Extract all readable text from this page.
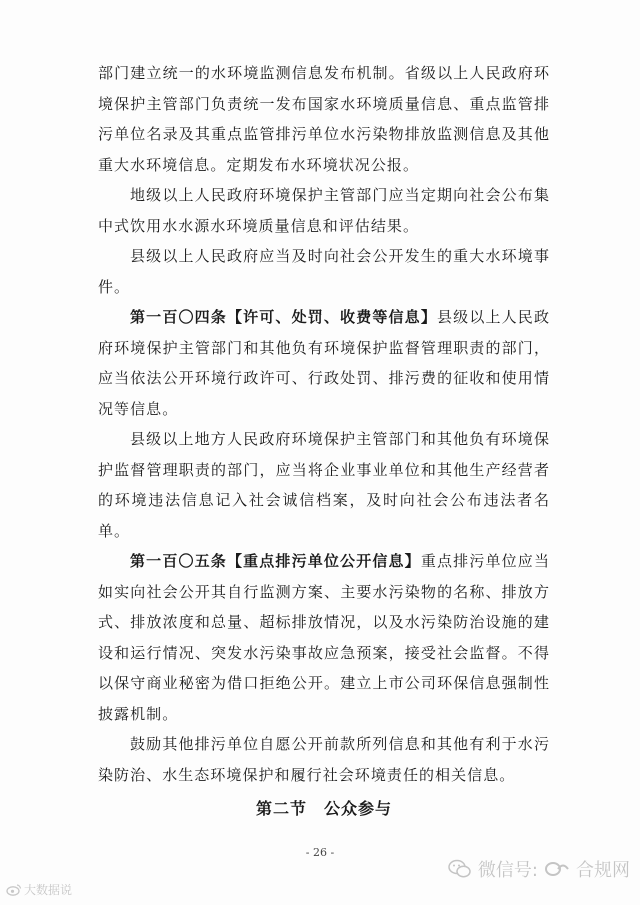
部门建立统一的水环境监测信息发布机制。省级以上人民政府环境保护主管部门负责统一发布国家水环境质量信息、重点监管排污单位名录及其重点监管排污单位水污染物排放监测信息及其他重大水环境信息。定期发布水环境状况公报。

地级以上人民政府环境保护主管部门应当定期向社会公布集中式饮用水水源水环境质量信息和评估结果。

县级以上人民政府应当及时向社会公开发生的重大水环境事件。

第一百〇四条【许可、处罚、收费等信息】县级以上人民政府环境保护主管部门和其他负有环境保护监督管理职责的部门，应当依法公开环境行政许可、行政处罚、排污费的征收和使用情况等信息。

县级以上地方人民政府环境保护主管部门和其他负有环境保护监督管理职责的部门，应当将企业事业单位和其他生产经营者的环境违法信息记入社会诚信档案，及时向社会公布违法者名单。

第一百〇五条【重点排污单位公开信息】重点排污单位应当如实向社会公开其自行监测方案、主要水污染物的名称、排放方式、排放浓度和总量、超标排放情况，以及水污染防治设施的建设和运行情况、突发水污染事故应急预案，接受社会监督。不得以保守商业秘密为借口拒绝公开。建立上市公司环保信息强制性披露机制。

鼓励其他排污单位自愿公开前款所列信息和其他有利于水污染防治、水生态环境保护和履行社会环境责任的相关信息。

第二节　公众参与
- 26 -
大数据说
微信号: 合规网
